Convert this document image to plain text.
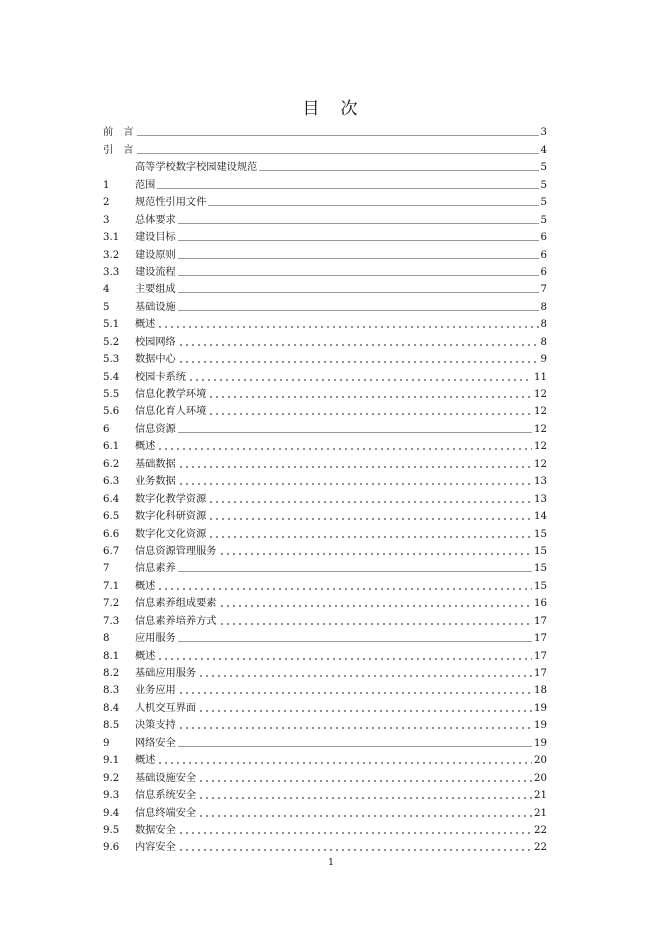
目　次
前　言	3
引　言	4
高等学校数字校园建设规范	5
1	范围	5
2	规范性引用文件	5
3	总体要求	5
3.1	建设目标	6
3.2	建设原则	6
3.3	建设流程	6
4	主要组成	7
5	基础设施	8
5.1	概述	8
5.2	校园网络	8
5.3	数据中心	9
5.4	校园卡系统	11
5.5	信息化教学环境	12
5.6	信息化育人环境	12
6	信息资源	12
6.1	概述	12
6.2	基础数据	12
6.3	业务数据	13
6.4	数字化教学资源	13
6.5	数字化科研资源	14
6.6	数字化文化资源	15
6.7	信息资源管理服务	15
7	信息素养	15
7.1	概述	15
7.2	信息素养组成要素	16
7.3	信息素养培养方式	17
8	应用服务	17
8.1	概述	17
8.2	基础应用服务	17
8.3	业务应用	18
8.4	人机交互界面	19
8.5	决策支持	19
9	网络安全	19
9.1	概述	20
9.2	基础设施安全	20
9.3	信息系统安全	21
9.4	信息终端安全	21
9.5	数据安全	22
9.6	内容安全	22
1
